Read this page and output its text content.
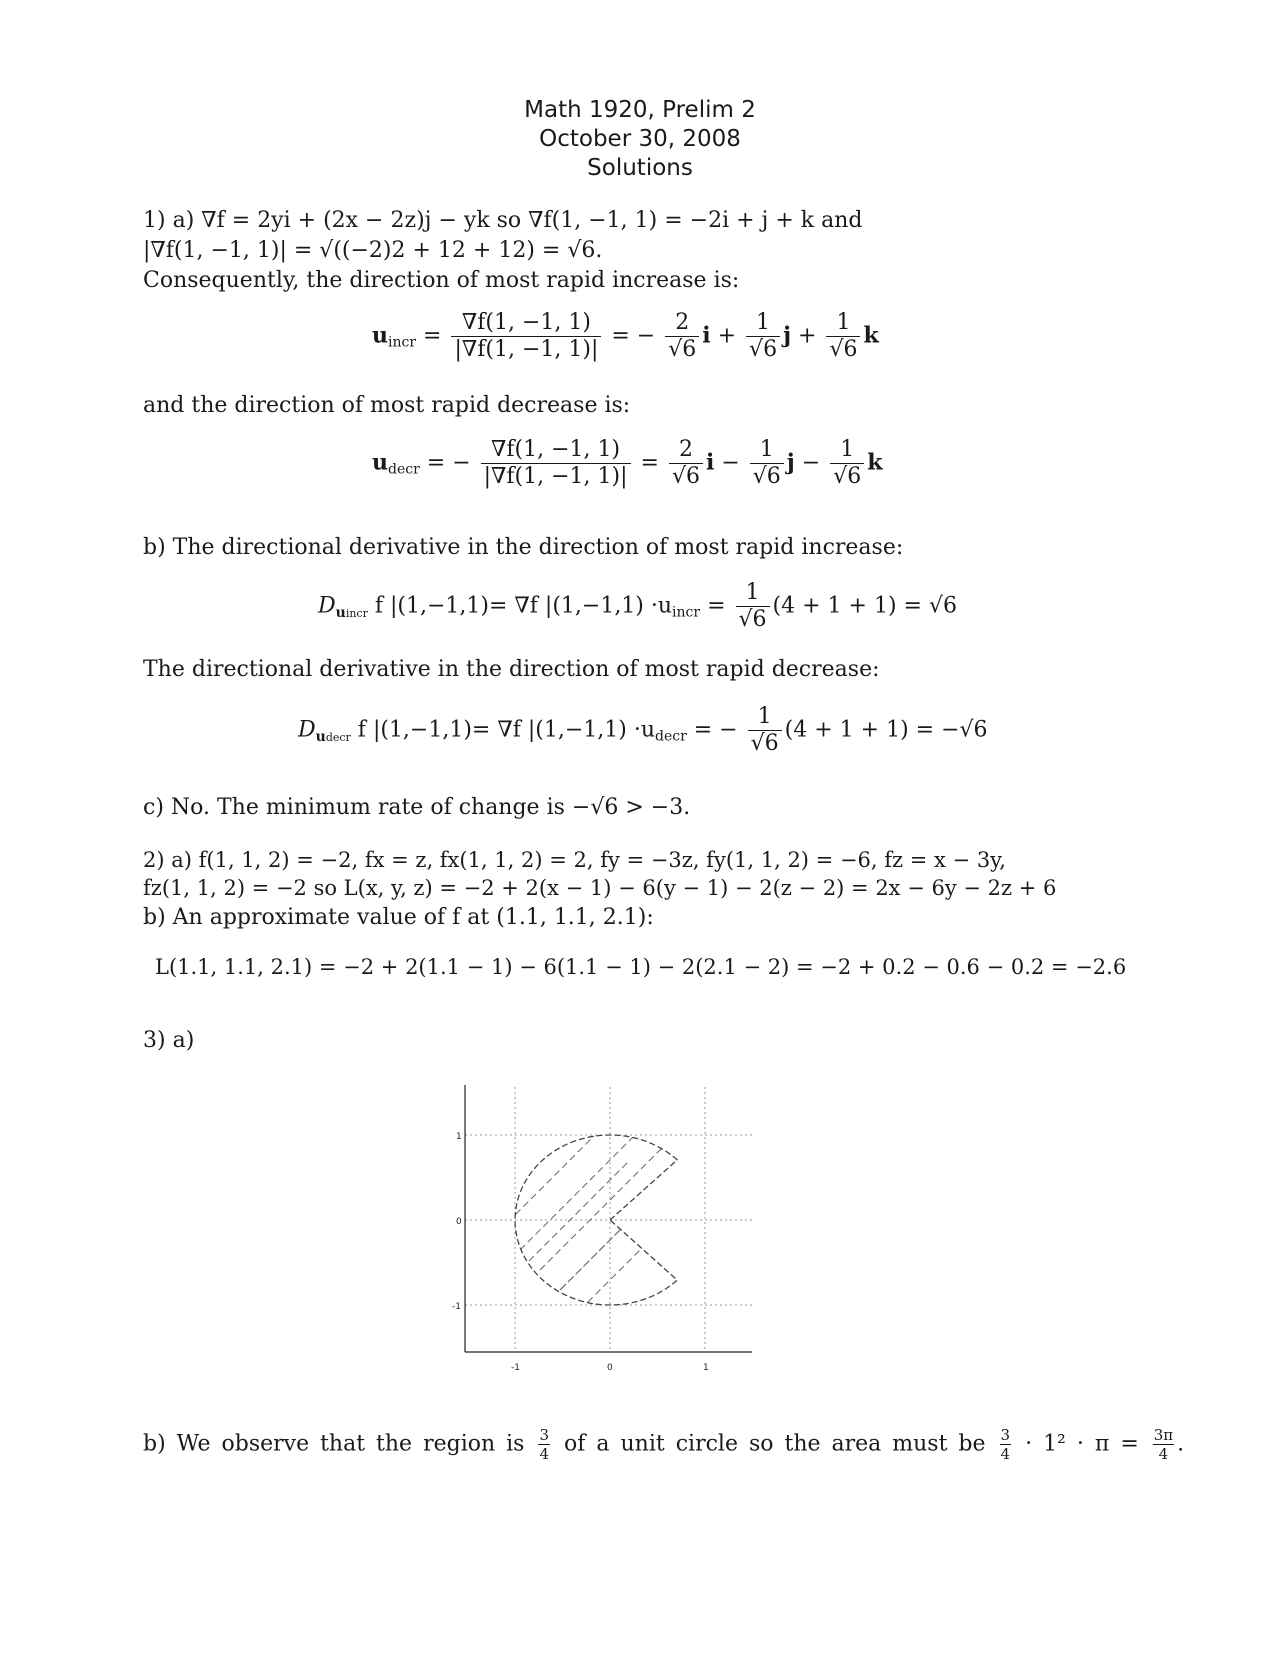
Math 1920, Prelim 2
October 30, 2008
Solutions
1) a) ∇f = 2yi + (2x − 2z)j − yk so ∇f(1, −1, 1) = −2i + j + k and
|∇f(1, −1, 1)| = √((−2)2 + 12 + 12) = √6.
Consequently, the direction of most rapid increase is:
$u_{incr} = \frac{\nabla f(1, -1, 1)}{|\nabla f(1, -1, 1)|}$ = − $\frac{2}{√6}$ $i + \frac{1}{√6}$ $j + \frac{1}{√6}$ k
and the direction of most rapid decrease is:
$u_{decr}$ = − $\frac{\nabla f(1, -1, 1)}{|\nabla f(1, -1, 1)|} = \frac{2}{√6}$ $i - \frac{1}{√6}$ $j - \frac{1}{√6}$ k
b) The directional derivative in the direction of most rapid increase:
$D_{uincr}$ f |(1,−1,1)= ∇f $|(1,-1,1) \cdot u_{incr} = \frac{1}{√6} (4 + 1 + 1) = √6$
The directional derivative in the direction of most rapid decrease:
$D_{udecr}$ f |(1,−1,1)= ∇f $|(1,-1,1) \cdot u_{decr}$ = − $\frac{1}{√6} (4 + 1 + 1) = -√6$
c) No. The minimum rate of change is −√6 > −3.
2) a) f(1, 1, 2) = −2, fx = z, fx(1, 1, 2) = 2, fy = −3z, fy(1, 1, 2) = −6, fz = x − 3y,
fz(1, 1, 2) = −2 so L(x, y, z) = −2 + 2(x − 1) − 6(y − 1) − 2(z − 2) = 2x − 6y − 2z + 6
b) An approximate value of f at (1.1, 1.1, 2.1):
L(1.1, 1.1, 2.1) = −2 + 2(1.1 − 1) − 6(1.1 − 1) − 2(2.1 − 2) = −2 + 0.2 − 0.6 − 0.2 = −2.6
3) a)
1
0
-1
-1	0	1
b) We observe that the region is $\frac{3}{4}$ of a unit circle so the area must be $\frac{3}{4} \cdot 1^2 \cdot \pi = \frac{3\pi}{4}$ .
